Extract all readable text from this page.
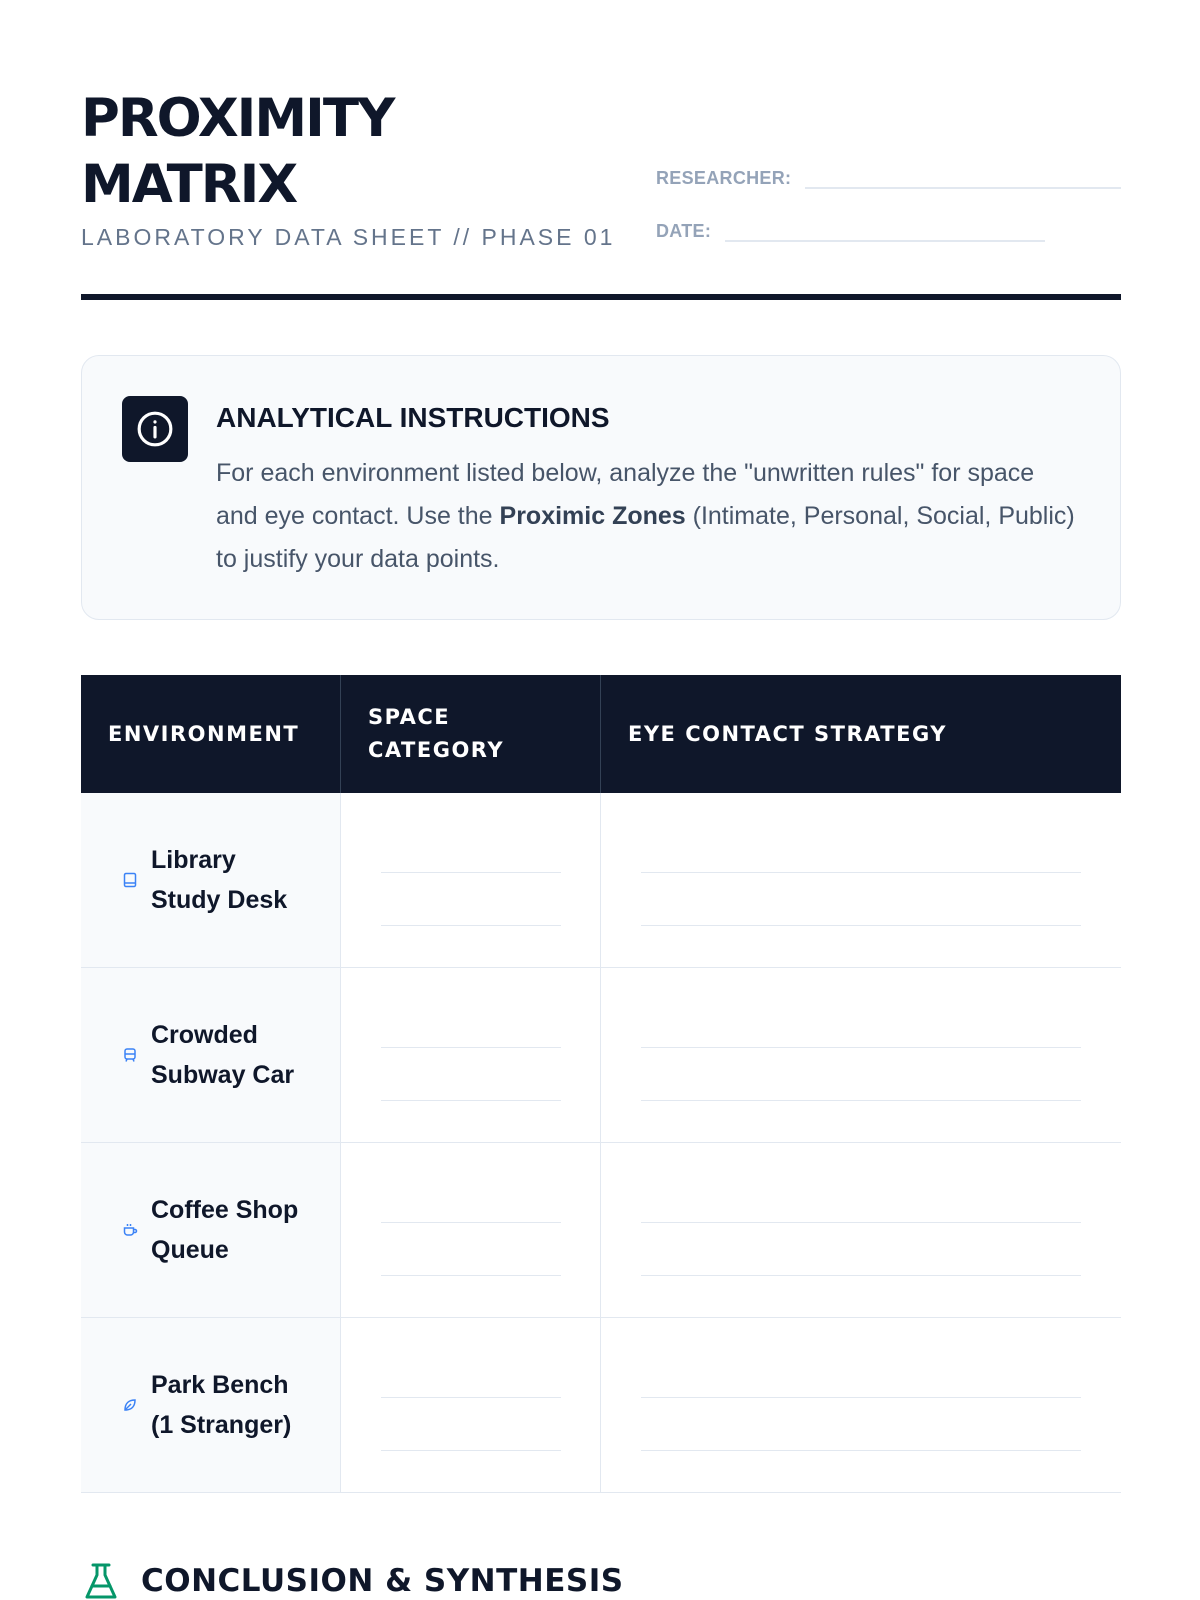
PROXIMITY
MATRIX
LABORATORY DATA SHEET // PHASE 01
RESEARCHER:
DATE:
ANALYTICAL INSTRUCTIONS
For each environment listed below, analyze the "unwritten rules" for space and eye contact. Use the Proximic Zones (Intimate, Personal, Social, Public) to justify your data points.
ENVIRONMENT
SPACE CATEGORY
EYE CONTACT STRATEGY
Library Study Desk
Crowded Subway Car
Coffee Shop Queue
Park Bench (1 Stranger)
CONCLUSION & SYNTHESIS
